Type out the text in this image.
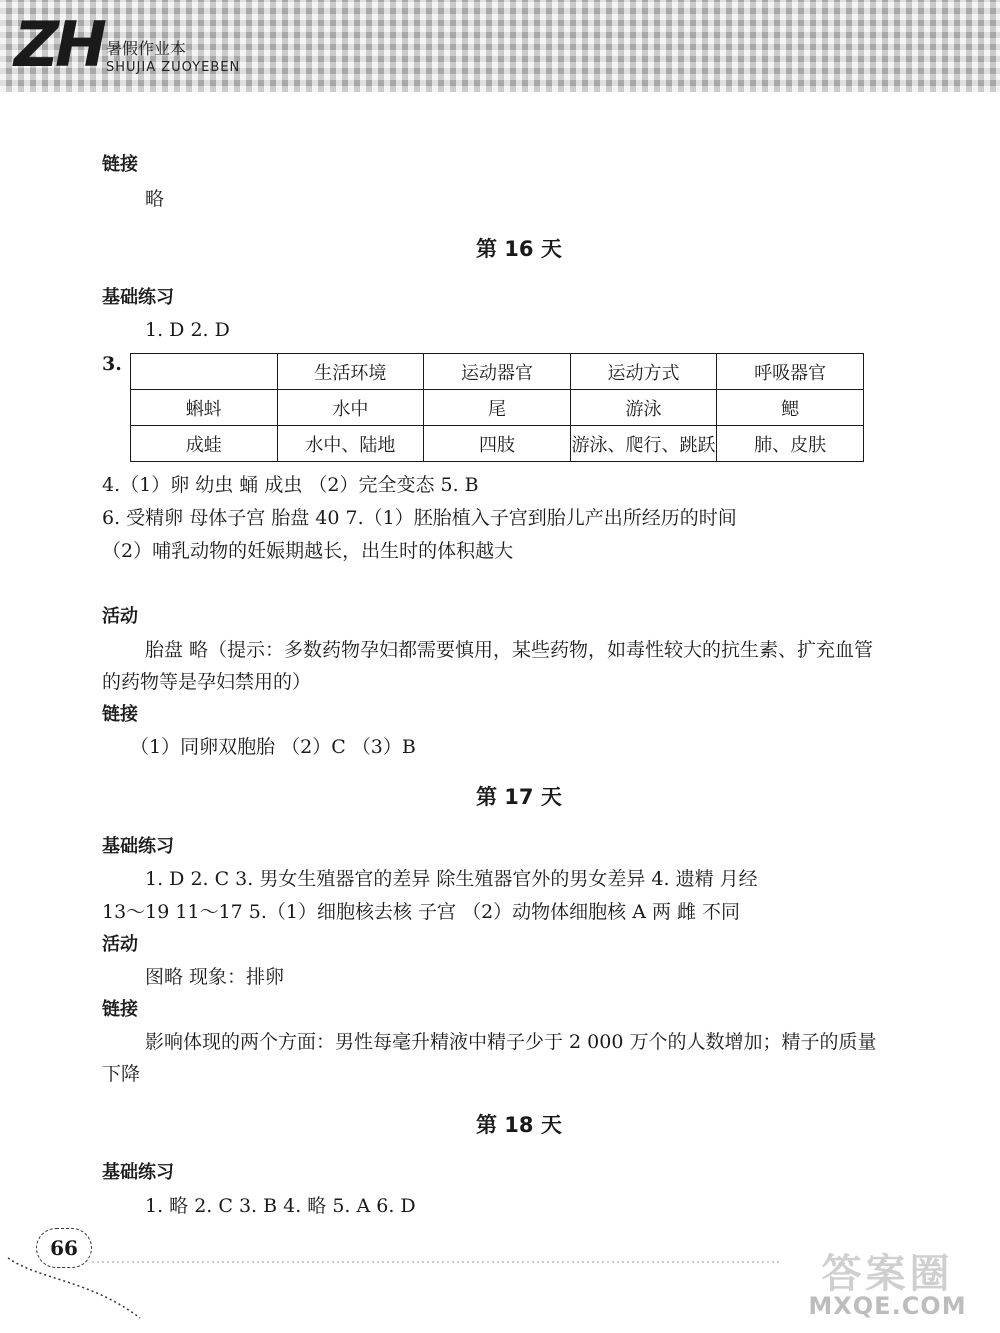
ZH 暑假作业本
SHUJIA ZUOYEBEN
链接
略
第 16 天
基础练习
1. D 2. D
3.
		生活环境	运动器官	运动方式	呼吸器官
蝌蚪	水中	尾	游泳	鳃
成蛙	水中、陆地	四肢	游泳、爬行、跳跃	肺、皮肤
4.（1）卵 幼虫 蛹 成虫 （2）完全变态 5. B
6. 受精卵 母体子宫 胎盘 40 7.（1）胚胎植入子宫到胎儿产出所经历的时间
（2）哺乳动物的妊娠期越长，出生时的体积越大
活动
胎盘 略（提示：多数药物孕妇都需要慎用，某些药物，如毒性较大的抗生素、扩充血管
的药物等是孕妇禁用的）
链接
（1）同卵双胞胎 （2）C （3）B
第 17 天
基础练习
1. D 2. C 3. 男女生殖器官的差异 除生殖器官外的男女差异 4. 遗精 月经
13～19 11～17 5.（1）细胞核去核 子宫 （2）动物体细胞核 A 两 雌 不同
活动
图略 现象：排卵
链接
影响体现的两个方面：男性每毫升精液中精子少于 2 000 万个的人数增加；精子的质量
下降
第 18 天
基础练习
1. 略 2. C 3. B 4. 略 5. A 6. D
66
答案圈
MXQE.COM
